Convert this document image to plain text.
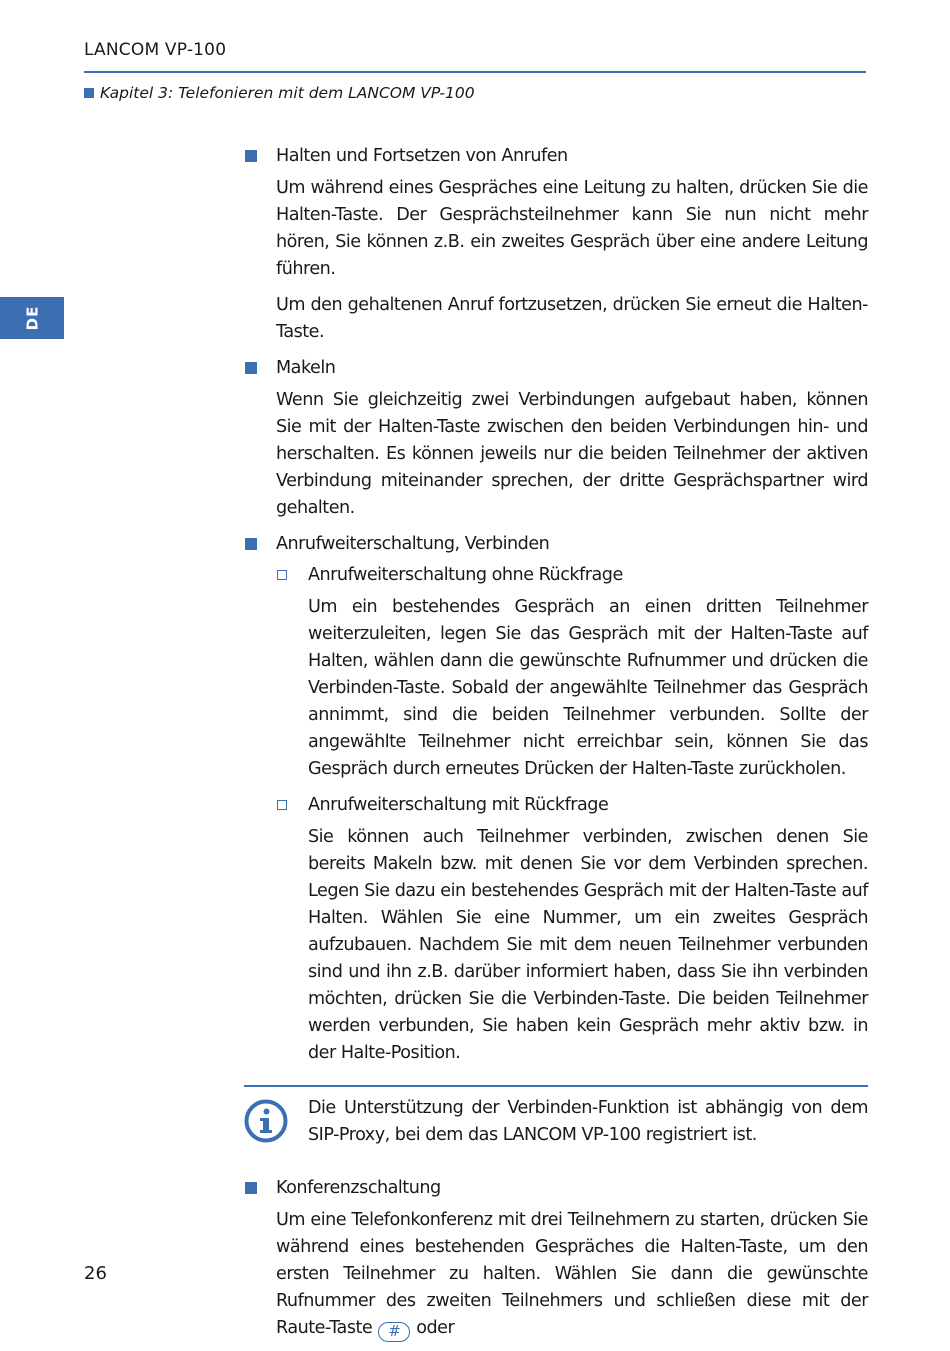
LANCOM VP-100
Kapitel 3: Telefonieren mit dem LANCOM VP-100
DE

Halten und Fortsetzen von Anrufen

Um während eines Gespräches eine Leitung zu halten, drücken Sie die Halten-Taste. Der Gesprächsteilnehmer kann Sie nun nicht mehr hören, Sie können z.B. ein zweites Gespräch über eine andere Leitung führen.

Um den gehaltenen Anruf fortzusetzen, drücken Sie erneut die Halten-Taste.

Makeln

Wenn Sie gleichzeitig zwei Verbindungen aufgebaut haben, können Sie mit der Halten-Taste zwischen den beiden Verbindungen hin- und herschalten. Es können jeweils nur die beiden Teilnehmer der aktiven Verbindung miteinander sprechen, der dritte Gesprächspartner wird gehalten.

Anrufweiterschaltung, Verbinden

Anrufweiterschaltung ohne Rückfrage

Um ein bestehendes Gespräch an einen dritten Teilnehmer weiterzuleiten, legen Sie das Gespräch mit der Halten-Taste auf Halten, wählen dann die gewünschte Rufnummer und drücken die Verbinden-Taste. Sobald der angewählte Teilnehmer das Gespräch annimmt, sind die beiden Teilnehmer verbunden. Sollte der angewählte Teilnehmer nicht erreichbar sein, können Sie das Gespräch durch erneutes Drücken der Halten-Taste zurückholen.

Anrufweiterschaltung mit Rückfrage

Sie können auch Teilnehmer verbinden, zwischen denen Sie bereits Makeln bzw. mit denen Sie vor dem Verbinden sprechen. Legen Sie dazu ein bestehendes Gespräch mit der Halten-Taste auf Halten. Wählen Sie eine Nummer, um ein zweites Gespräch aufzubauen. Nachdem Sie mit dem neuen Teilnehmer verbunden sind und ihn z.B. darüber informiert haben, dass Sie ihn verbinden möchten, drücken Sie die Verbinden-Taste. Die beiden Teilnehmer werden verbunden, Sie haben kein Gespräch mehr aktiv bzw. in der Halte-Position.

Die Unterstützung der Verbinden-Funktion ist abhängig von dem SIP-Proxy, bei dem das LANCOM VP-100 registriert ist.

Konferenzschaltung

Um eine Telefonkonferenz mit drei Teilnehmern zu starten, drücken Sie während eines bestehenden Gespräches die Halten-Taste, um den ersten Teilnehmer zu halten. Wählen Sie dann die gewünschte Rufnummer des zweiten Teilnehmers und schließen diese mit der Raute-Taste # oder

26
